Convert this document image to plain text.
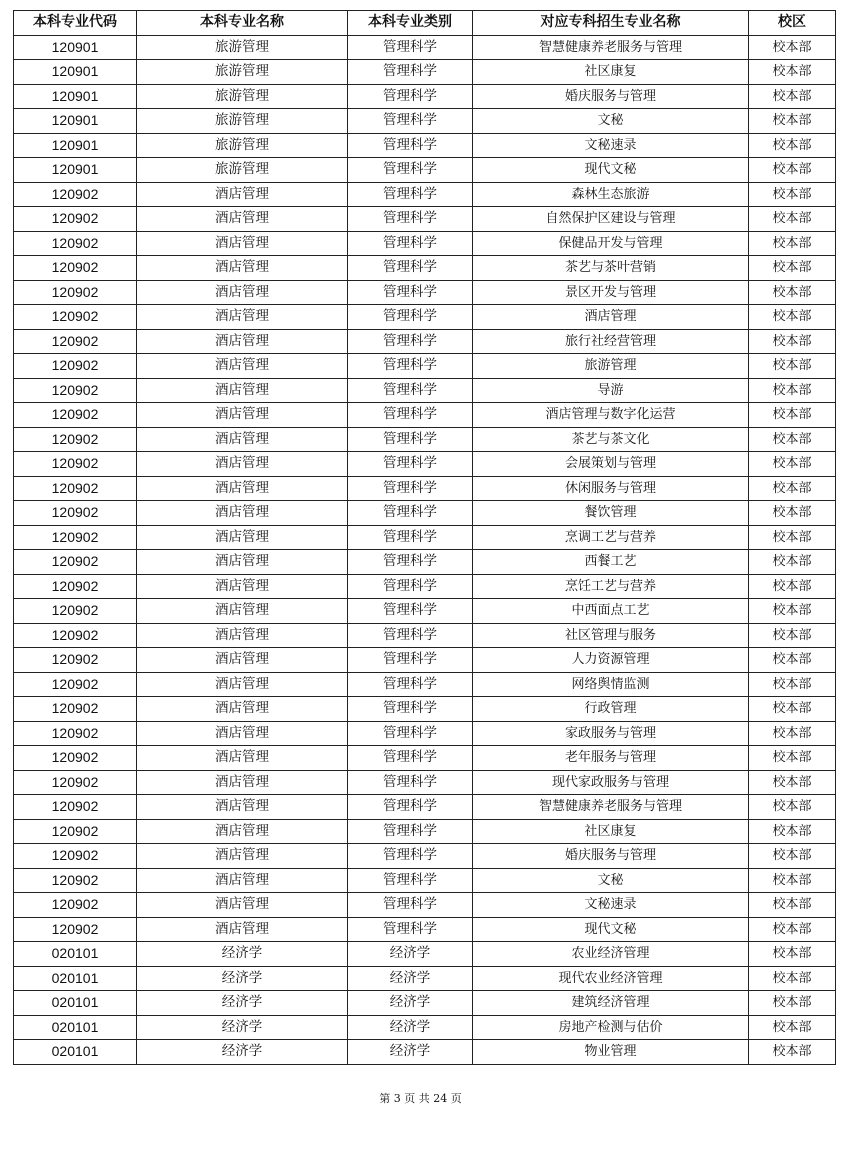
本科专业代码	本科专业名称	本科专业类别	对应专科招生专业名称	校区
120901	旅游管理	管理科学	智慧健康养老服务与管理	校本部
120901	旅游管理	管理科学	社区康复	校本部
120901	旅游管理	管理科学	婚庆服务与管理	校本部
120901	旅游管理	管理科学	文秘	校本部
120901	旅游管理	管理科学	文秘速录	校本部
120901	旅游管理	管理科学	现代文秘	校本部
120902	酒店管理	管理科学	森林生态旅游	校本部
120902	酒店管理	管理科学	自然保护区建设与管理	校本部
120902	酒店管理	管理科学	保健品开发与管理	校本部
120902	酒店管理	管理科学	茶艺与茶叶营销	校本部
120902	酒店管理	管理科学	景区开发与管理	校本部
120902	酒店管理	管理科学	酒店管理	校本部
120902	酒店管理	管理科学	旅行社经营管理	校本部
120902	酒店管理	管理科学	旅游管理	校本部
120902	酒店管理	管理科学	导游	校本部
120902	酒店管理	管理科学	酒店管理与数字化运营	校本部
120902	酒店管理	管理科学	茶艺与茶文化	校本部
120902	酒店管理	管理科学	会展策划与管理	校本部
120902	酒店管理	管理科学	休闲服务与管理	校本部
120902	酒店管理	管理科学	餐饮管理	校本部
120902	酒店管理	管理科学	烹调工艺与营养	校本部
120902	酒店管理	管理科学	西餐工艺	校本部
120902	酒店管理	管理科学	烹饪工艺与营养	校本部
120902	酒店管理	管理科学	中西面点工艺	校本部
120902	酒店管理	管理科学	社区管理与服务	校本部
120902	酒店管理	管理科学	人力资源管理	校本部
120902	酒店管理	管理科学	网络舆情监测	校本部
120902	酒店管理	管理科学	行政管理	校本部
120902	酒店管理	管理科学	家政服务与管理	校本部
120902	酒店管理	管理科学	老年服务与管理	校本部
120902	酒店管理	管理科学	现代家政服务与管理	校本部
120902	酒店管理	管理科学	智慧健康养老服务与管理	校本部
120902	酒店管理	管理科学	社区康复	校本部
120902	酒店管理	管理科学	婚庆服务与管理	校本部
120902	酒店管理	管理科学	文秘	校本部
120902	酒店管理	管理科学	文秘速录	校本部
120902	酒店管理	管理科学	现代文秘	校本部
020101	经济学	经济学	农业经济管理	校本部
020101	经济学	经济学	现代农业经济管理	校本部
020101	经济学	经济学	建筑经济管理	校本部
020101	经济学	经济学	房地产检测与估价	校本部
020101	经济学	经济学	物业管理	校本部
第 3 页 共 24 页
